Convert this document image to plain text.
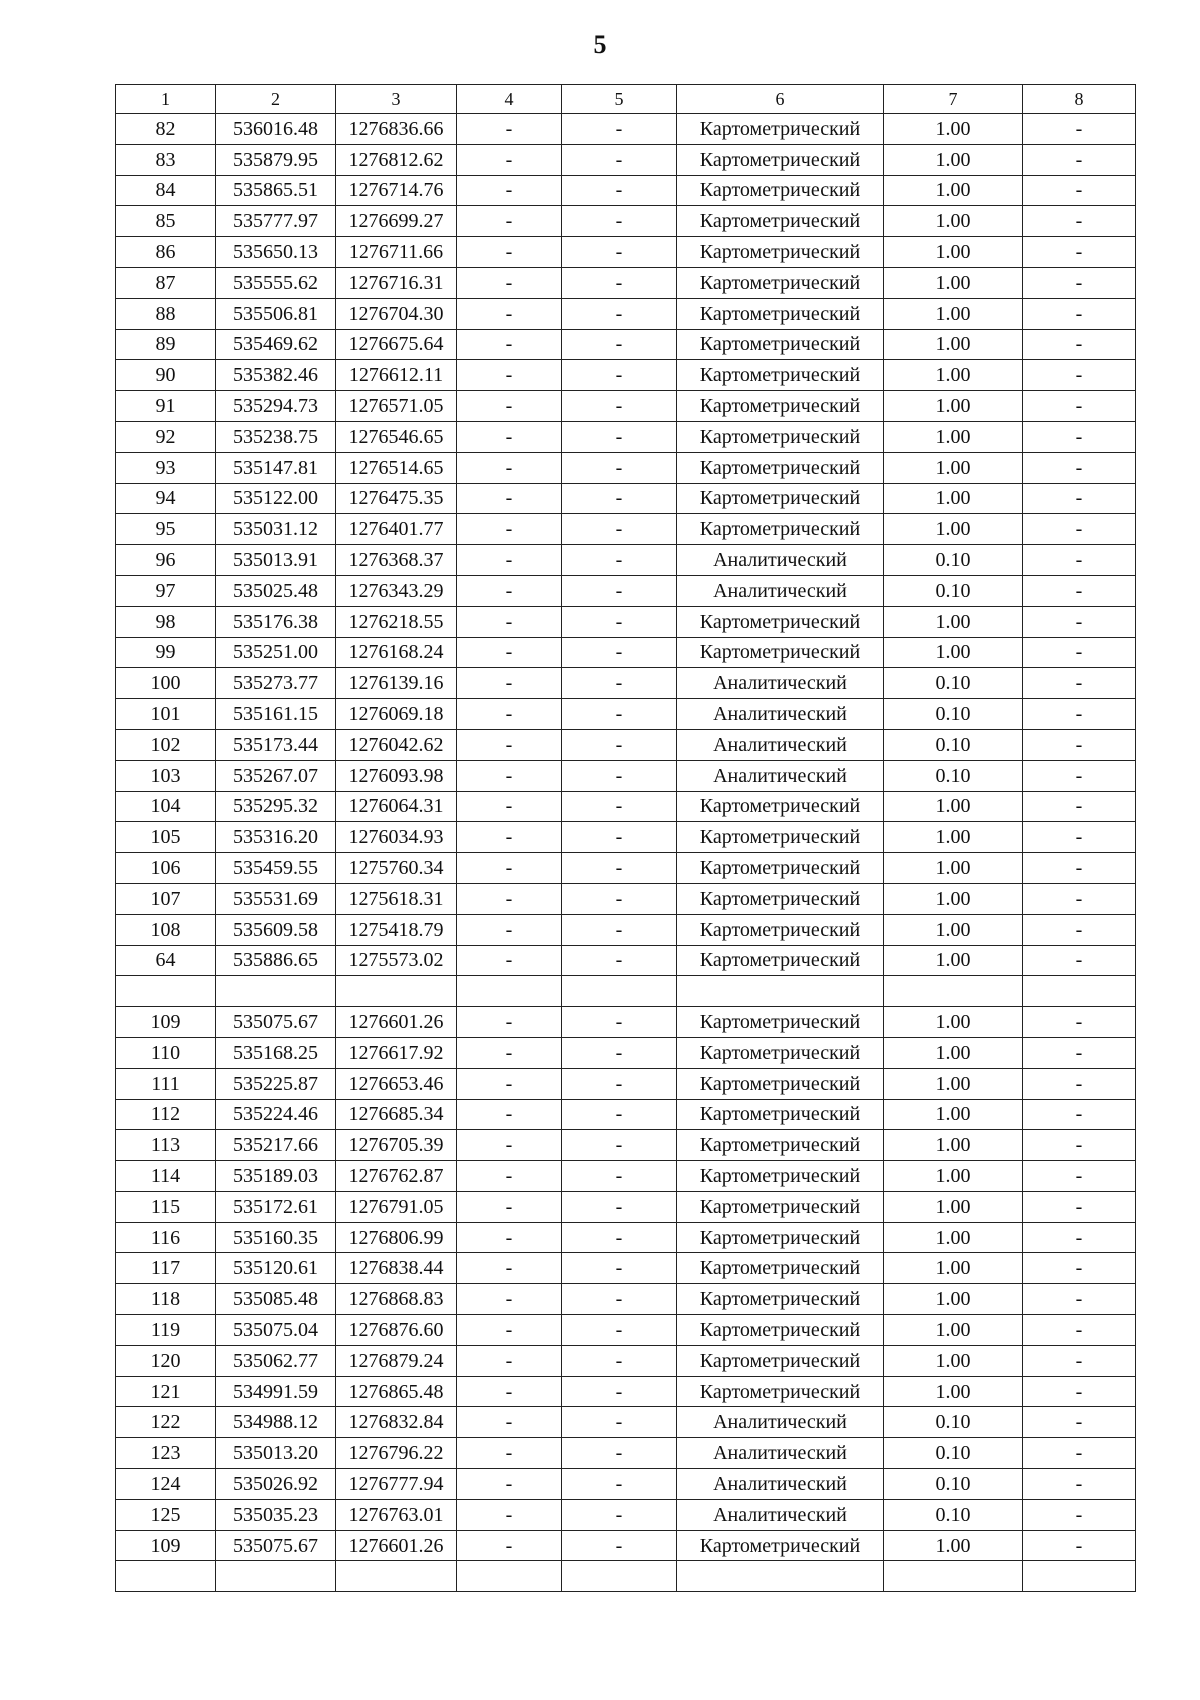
5
1	2	3	4	5	6	7	8
82	536016.48	1276836.66	-	-	Картометрический	1.00	-
83	535879.95	1276812.62	-	-	Картометрический	1.00	-
84	535865.51	1276714.76	-	-	Картометрический	1.00	-
85	535777.97	1276699.27	-	-	Картометрический	1.00	-
86	535650.13	1276711.66	-	-	Картометрический	1.00	-
87	535555.62	1276716.31	-	-	Картометрический	1.00	-
88	535506.81	1276704.30	-	-	Картометрический	1.00	-
89	535469.62	1276675.64	-	-	Картометрический	1.00	-
90	535382.46	1276612.11	-	-	Картометрический	1.00	-
91	535294.73	1276571.05	-	-	Картометрический	1.00	-
92	535238.75	1276546.65	-	-	Картометрический	1.00	-
93	535147.81	1276514.65	-	-	Картометрический	1.00	-
94	535122.00	1276475.35	-	-	Картометрический	1.00	-
95	535031.12	1276401.77	-	-	Картометрический	1.00	-
96	535013.91	1276368.37	-	-	Аналитический	0.10	-
97	535025.48	1276343.29	-	-	Аналитический	0.10	-
98	535176.38	1276218.55	-	-	Картометрический	1.00	-
99	535251.00	1276168.24	-	-	Картометрический	1.00	-
100	535273.77	1276139.16	-	-	Аналитический	0.10	-
101	535161.15	1276069.18	-	-	Аналитический	0.10	-
102	535173.44	1276042.62	-	-	Аналитический	0.10	-
103	535267.07	1276093.98	-	-	Аналитический	0.10	-
104	535295.32	1276064.31	-	-	Картометрический	1.00	-
105	535316.20	1276034.93	-	-	Картометрический	1.00	-
106	535459.55	1275760.34	-	-	Картометрический	1.00	-
107	535531.69	1275618.31	-	-	Картометрический	1.00	-
108	535609.58	1275418.79	-	-	Картометрический	1.00	-
64	535886.65	1275573.02	-	-	Картометрический	1.00	-

109	535075.67	1276601.26	-	-	Картометрический	1.00	-
110	535168.25	1276617.92	-	-	Картометрический	1.00	-
111	535225.87	1276653.46	-	-	Картометрический	1.00	-
112	535224.46	1276685.34	-	-	Картометрический	1.00	-
113	535217.66	1276705.39	-	-	Картометрический	1.00	-
114	535189.03	1276762.87	-	-	Картометрический	1.00	-
115	535172.61	1276791.05	-	-	Картометрический	1.00	-
116	535160.35	1276806.99	-	-	Картометрический	1.00	-
117	535120.61	1276838.44	-	-	Картометрический	1.00	-
118	535085.48	1276868.83	-	-	Картометрический	1.00	-
119	535075.04	1276876.60	-	-	Картометрический	1.00	-
120	535062.77	1276879.24	-	-	Картометрический	1.00	-
121	534991.59	1276865.48	-	-	Картометрический	1.00	-
122	534988.12	1276832.84	-	-	Аналитический	0.10	-
123	535013.20	1276796.22	-	-	Аналитический	0.10	-
124	535026.92	1276777.94	-	-	Аналитический	0.10	-
125	535035.23	1276763.01	-	-	Аналитический	0.10	-
109	535075.67	1276601.26	-	-	Картометрический	1.00	-
